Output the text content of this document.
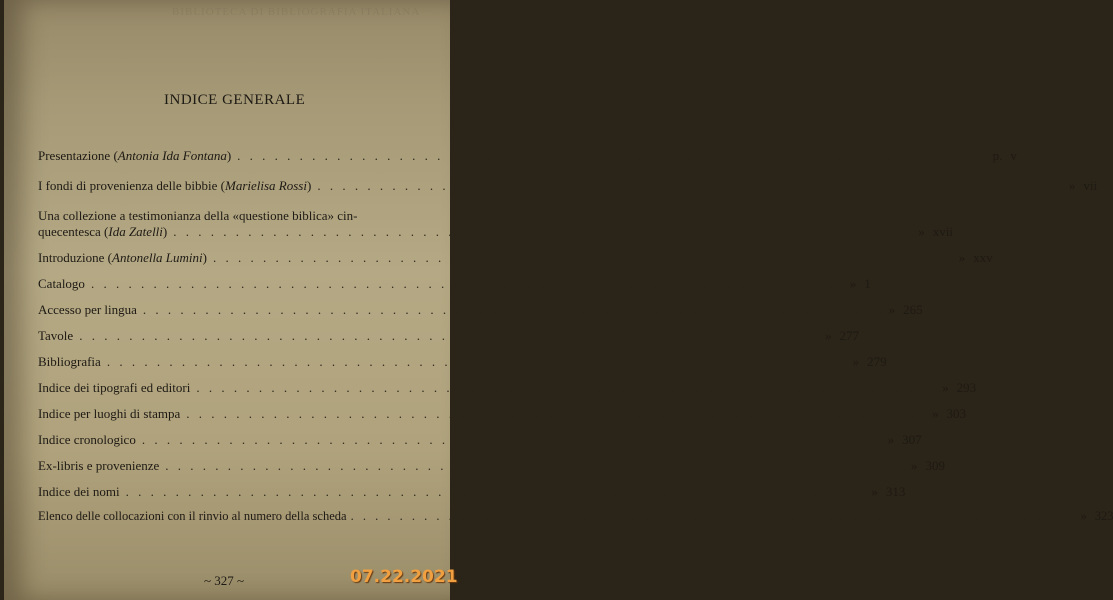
BIBLIOTECA DI BIBLIOGRAFIA ITALIANA
INDICE GENERALE
Presentazione (Antonia Ida Fontana) . . .	p. v
I fondi di provenienza delle bibbie (Marielisa Rossi) . . .	» vii
Una collezione a testimonianza della «questione biblica» cin-
quecentesca (Ida Zatelli) . . .	» xvii
Introduzione (Antonella Lumini) . . .	» xxv
Catalogo . . .	» 1
Accesso per lingua . . .	» 265
Tavole . . .	» 277
Bibliografia . . .	» 279
Indice dei tipografi ed editori . . .	» 293
Indice per luoghi di stampa . . .	» 303
Indice cronologico . . .	» 307
Ex-libris e provenienze . . .	» 309
Indice dei nomi . . .	» 313
Elenco delle collocazioni con il rinvio al numero della scheda . . .	» 323
~ 327 ~	07.22.2021
